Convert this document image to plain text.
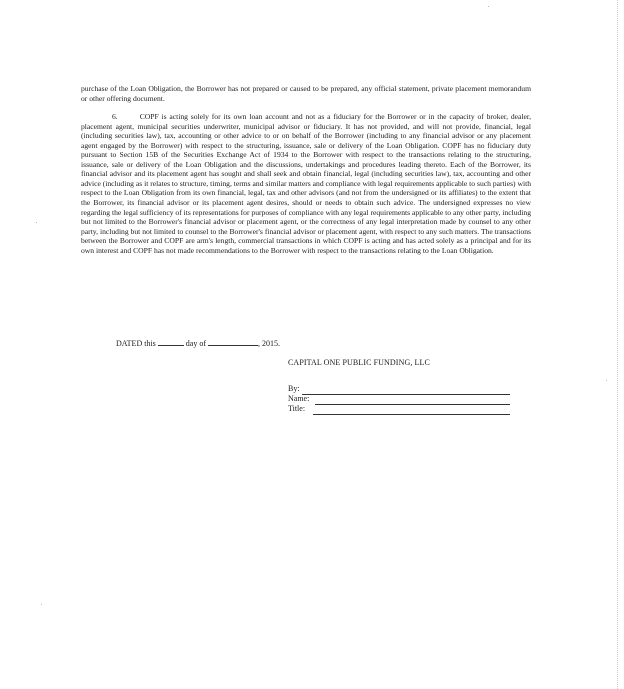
purchase of the Loan Obligation, the Borrower has not prepared or caused to be prepared, any official statement, private placement memorandum or other offering document.

6.	COPF is acting solely for its own loan account and not as a fiduciary for the Borrower or in the capacity of broker, dealer, placement agent, municipal securities underwriter, municipal advisor or fiduciary. It has not provided, and will not provide, financial, legal (including securities law), tax, accounting or other advice to or on behalf of the Borrower (including to any financial advisor or any placement agent engaged by the Borrower) with respect to the structuring, issuance, sale or delivery of the Loan Obligation. COPF has no fiduciary duty pursuant to Section 15B of the Securities Exchange Act of 1934 to the Borrower with respect to the transactions relating to the structuring, issuance, sale or delivery of the Loan Obligation and the discussions, undertakings and procedures leading thereto. Each of the Borrower, its financial advisor and its placement agent has sought and shall seek and obtain financial, legal (including securities law), tax, accounting and other advice (including as it relates to structure, timing, terms and similar matters and compliance with legal requirements applicable to such parties) with respect to the Loan Obligation from its own financial, legal, tax and other advisors (and not from the undersigned or its affiliates) to the extent that the Borrower, its financial advisor or its placement agent desires, should or needs to obtain such advice. The undersigned expresses no view regarding the legal sufficiency of its representations for purposes of compliance with any legal requirements applicable to any other party, including but not limited to the Borrower's financial advisor or placement agent, or the correctness of any legal interpretation made by counsel to any other party, including but not limited to counsel to the Borrower's financial advisor or placement agent, with respect to any such matters. The transactions between the Borrower and COPF are arm's length, commercial transactions in which COPF is acting and has acted solely as a principal and for its own interest and COPF has not made recommendations to the Borrower with respect to the transactions relating to the Loan Obligation.

DATED this	day of	, 2015.
CAPITAL ONE PUBLIC FUNDING, LLC
By:
Name:
Title:
